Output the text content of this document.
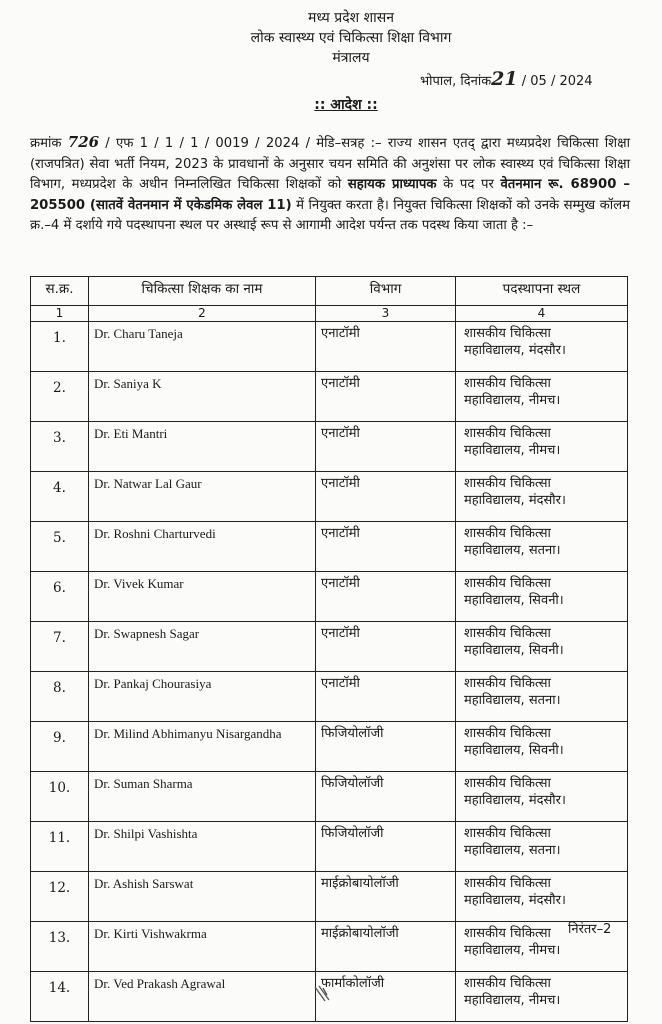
मध्य प्रदेश शासन
लोक स्वास्थ्य एवं चिकित्सा शिक्षा विभाग
मंत्रालय
भोपाल, दिनांक21 / 05 / 2024
:: आदेश ::
क्रमांक 726 / एफ 1 / 1 / 1 / 0019 / 2024 / मेडि–सत्रह :– राज्य शासन एतद् द्वारा मध्यप्रदेश चिकित्सा शिक्षा (राजपत्रित) सेवा भर्ती नियम, 2023 के प्रावधानों के अनुसार चयन समिति की अनुशंसा पर लोक स्वास्थ्य एवं चिकित्सा शिक्षा विभाग, मध्यप्रदेश के अधीन निम्नलिखित चिकित्सा शिक्षकों को सहायक प्राध्यापक के पद पर वेतनमान रू. 68900 – 205500 (सातवें वेतनमान में एकेडमिक लेवल 11) में नियुक्त करता है। नियुक्त चिकित्सा शिक्षकों को उनके सम्मुख कॉलम क्र.–4 में दर्शाये गये पदस्थापना स्थल पर अस्थाई रूप से आगामी आदेश पर्यन्त तक पदस्थ किया जाता है :–
स.क्र.	चिकित्सा शिक्षक का नाम	विभाग	पदस्थापना स्थल
1	2	3	4
1.	Dr. Charu Taneja	एनाटॉमी	शासकीय चिकित्सा
महाविद्यालय, मंदसौर।

2.	Dr. Saniya K	एनाटॉमी	शासकीय चिकित्सा
महाविद्यालय, नीमच।

3.	Dr. Eti Mantri	एनाटॉमी	शासकीय चिकित्सा
महाविद्यालय, नीमच।

4.	Dr. Natwar Lal Gaur	एनाटॉमी	शासकीय चिकित्सा
महाविद्यालय, मंदसौर।

5.	Dr. Roshni Charturvedi	एनाटॉमी	शासकीय चिकित्सा
महाविद्यालय, सतना।

6.	Dr. Vivek Kumar	एनाटॉमी	शासकीय चिकित्सा
महाविद्यालय, सिवनी।

7.	Dr. Swapnesh Sagar	एनाटॉमी	शासकीय चिकित्सा
महाविद्यालय, सिवनी।

8.	Dr. Pankaj Chourasiya	एनाटॉमी	शासकीय चिकित्सा
महाविद्यालय, सतना।

9.	Dr. Milind Abhimanyu Nisargandha	फिजियोलॉजी	शासकीय चिकित्सा
महाविद्यालय, सिवनी।

10.	Dr. Suman Sharma	फिजियोलॉजी	शासकीय चिकित्सा
महाविद्यालय, मंदसौर।

11.	Dr. Shilpi Vashishta	फिजियोलॉजी	शासकीय चिकित्सा
महाविद्यालय, सतना।

12.	Dr. Ashish Sarswat	माईक्रोबायोलॉजी	शासकीय चिकित्सा
महाविद्यालय, मंदसौर।

13.	Dr. Kirti Vishwakrma	माईक्रोबायोलॉजी	शासकीय चिकित्सा
महाविद्यालय, नीमच।

14.	Dr. Ved Prakash Agrawal	फार्माकोलॉजी	शासकीय चिकित्सा
महाविद्यालय, नीमच।
निरंतर–2
